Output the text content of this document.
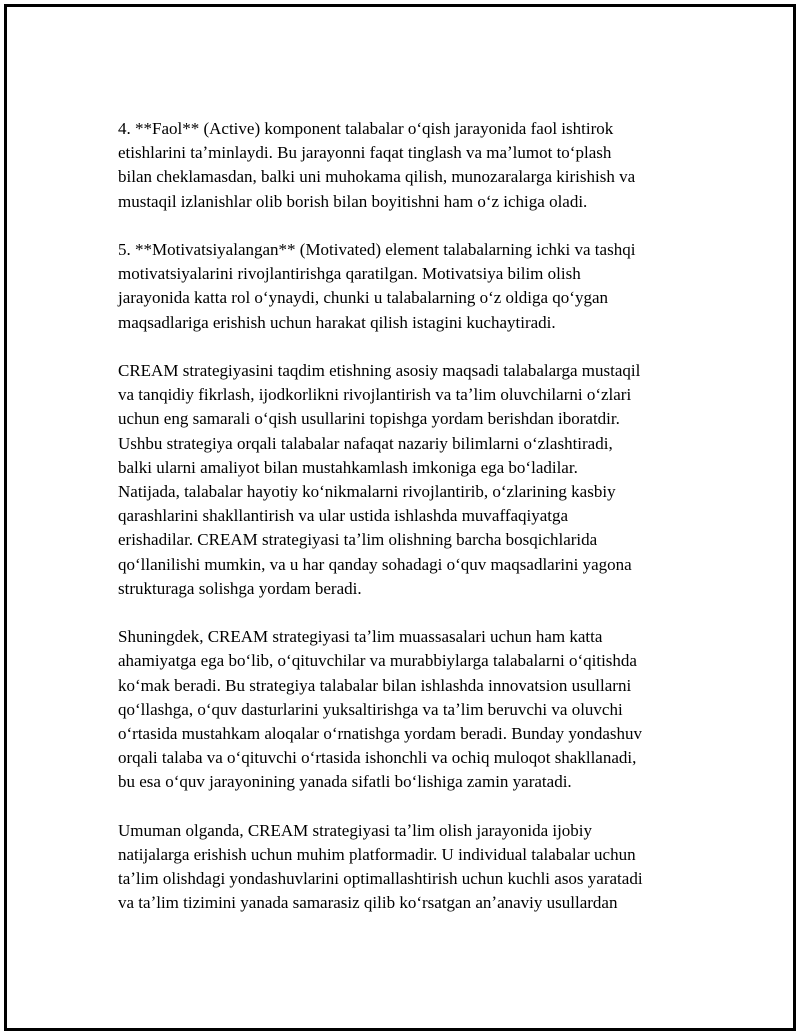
4. **Faol** (Active) komponent talabalar oʻqish jarayonida faol ishtirok
etishlarini taʼminlaydi. Bu jarayonni faqat tinglash va maʼlumot toʻplash
bilan cheklamasdan, balki uni muhokama qilish, munozaralarga kirishish va
mustaqil izlanishlar olib borish bilan boyitishni ham oʻz ichiga oladi.

5. **Motivatsiyalangan** (Motivated) element talabalarning ichki va tashqi
motivatsiyalarini rivojlantirishga qaratilgan. Motivatsiya bilim olish
jarayonida katta rol oʻynaydi, chunki u talabalarning oʻz oldiga qoʻygan
maqsadlariga erishish uchun harakat qilish istagini kuchaytiradi.

CREAM strategiyasini taqdim etishning asosiy maqsadi talabalarga mustaqil
va tanqidiy fikrlash, ijodkorlikni rivojlantirish va taʼlim oluvchilarni oʻzlari
uchun eng samarali oʻqish usullarini topishga yordam berishdan iboratdir.
Ushbu strategiya orqali talabalar nafaqat nazariy bilimlarni oʻzlashtiradi,
balki ularni amaliyot bilan mustahkamlash imkoniga ega boʻladilar.
Natijada, talabalar hayotiy koʻnikmalarni rivojlantirib, oʻzlarining kasbiy
qarashlarini shakllantirish va ular ustida ishlashda muvaffaqiyatga
erishadilar. CREAM strategiyasi taʼlim olishning barcha bosqichlarida
qoʻllanilishi mumkin, va u har qanday sohadagi oʻquv maqsadlarini yagona
strukturaga solishga yordam beradi.

Shuningdek, CREAM strategiyasi taʼlim muassasalari uchun ham katta
ahamiyatga ega boʻlib, oʻqituvchilar va murabbiylarga talabalarni oʻqitishda
koʻmak beradi. Bu strategiya talabalar bilan ishlashda innovatsion usullarni
qoʻllashga, oʻquv dasturlarini yuksaltirishga va taʼlim beruvchi va oluvchi
oʻrtasida mustahkam aloqalar oʻrnatishga yordam beradi. Bunday yondashuv
orqali talaba va oʻqituvchi oʻrtasida ishonchli va ochiq muloqot shakllanadi,
bu esa oʻquv jarayonining yanada sifatli boʻlishiga zamin yaratadi.

Umuman olganda, CREAM strategiyasi taʼlim olish jarayonida ijobiy
natijalarga erishish uchun muhim platformadir. U individual talabalar uchun
taʼlim olishdagi yondashuvlarini optimallashtirish uchun kuchli asos yaratadi
va taʼlim tizimini yanada samarasiz qilib koʻrsatgan anʼanaviy usullardan
